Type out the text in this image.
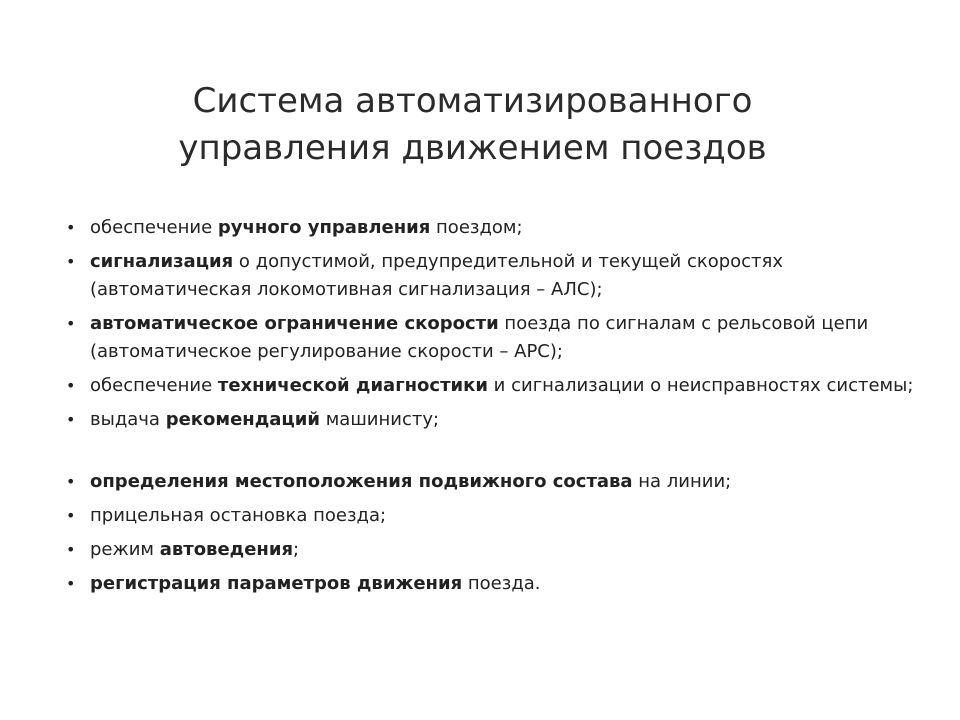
Система автоматизированного
управления движением поездов
• обеспечение ручного управления поездом;
• сигнализация о допустимой, предупредительной и текущей скоростях (автоматическая локомотивная сигнализация – АЛС);
• автоматическое ограничение скорости поезда по сигналам с рельсовой цепи (автоматическое регулирование скорости – АРС);
• обеспечение технической диагностики и сигнализации о неисправностях системы;
• выдача рекомендаций машинисту;
• определения местоположения подвижного состава на линии;
• прицельная остановка поезда;
• режим автоведения;
• регистрация параметров движения поезда.
